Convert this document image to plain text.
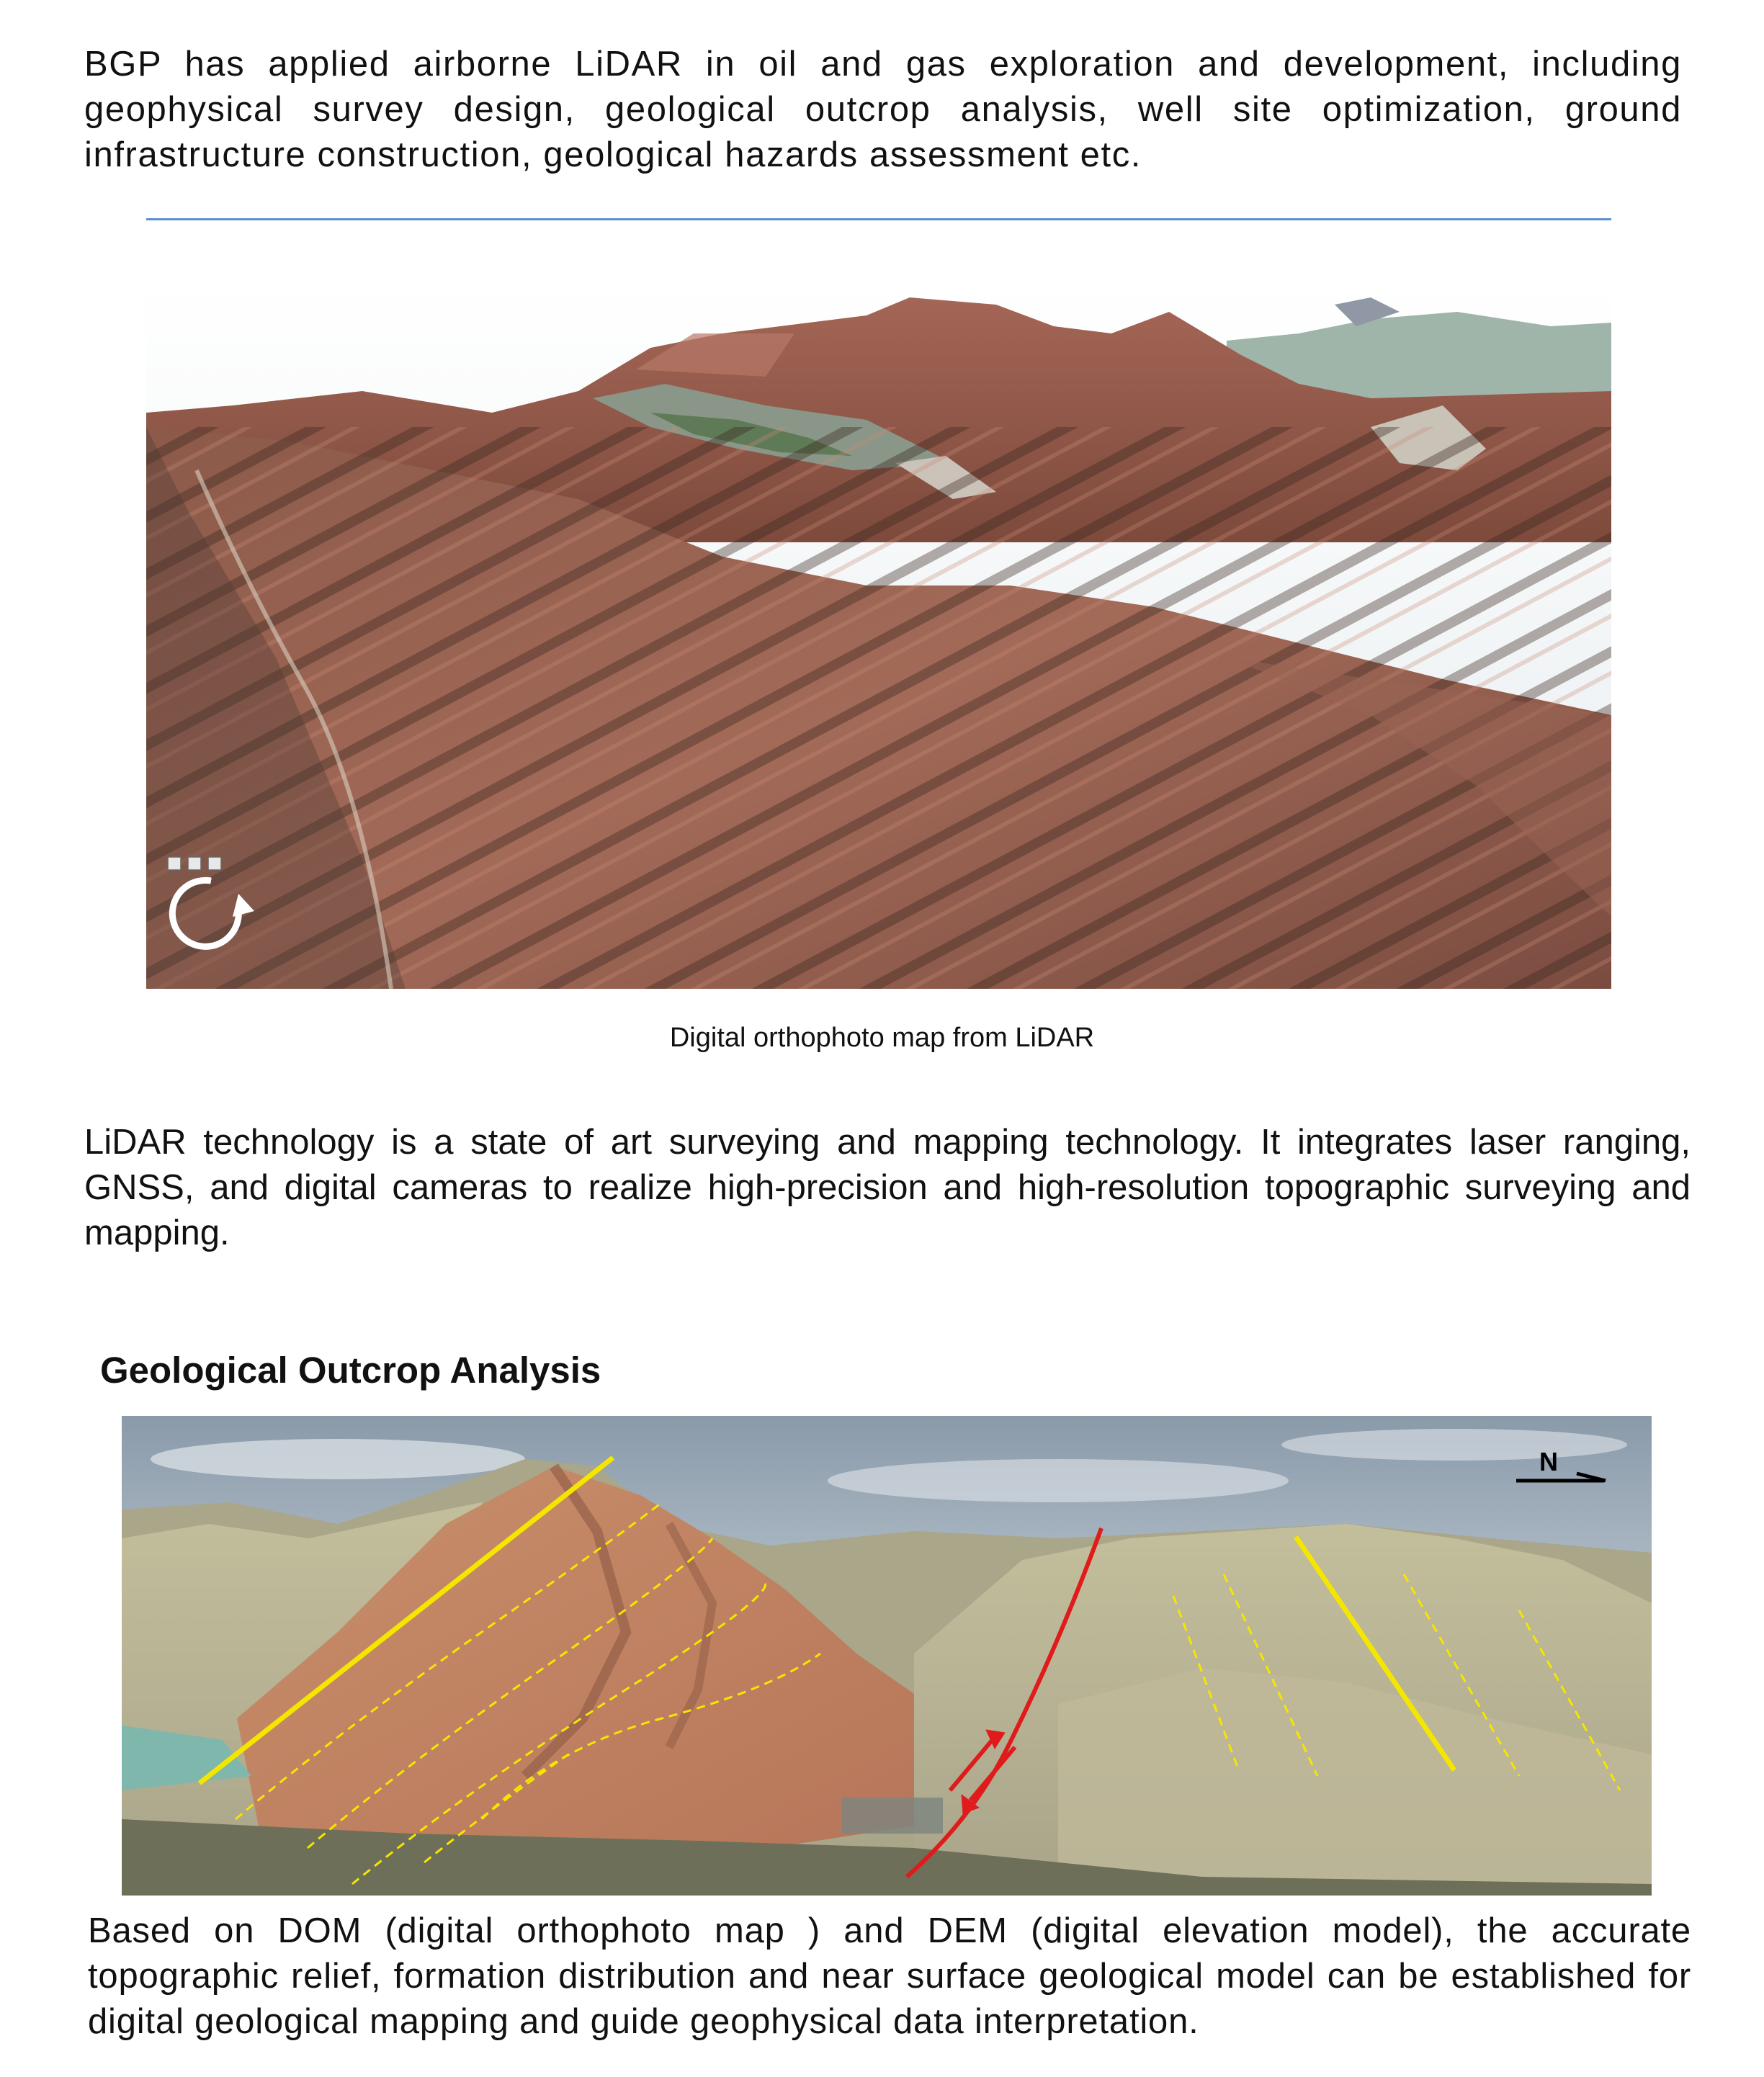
BGP has applied airborne LiDAR in oil and gas exploration and development, including geophysical survey design, geological outcrop analysis, well site optimization, ground infrastructure construction, geological hazards assessment etc.

Digital orthophoto map from LiDAR

LiDAR technology is a state of art surveying and mapping technology. It integrates laser ranging, GNSS, and digital cameras to realize high-precision and high-resolution topographic surveying and mapping.

Geological Outcrop Analysis
N

Based on DOM (digital orthophoto map ) and DEM (digital elevation model), the accurate topographic relief, formation distribution and near surface geological model can be established for digital geological mapping and guide geophysical data interpretation.
